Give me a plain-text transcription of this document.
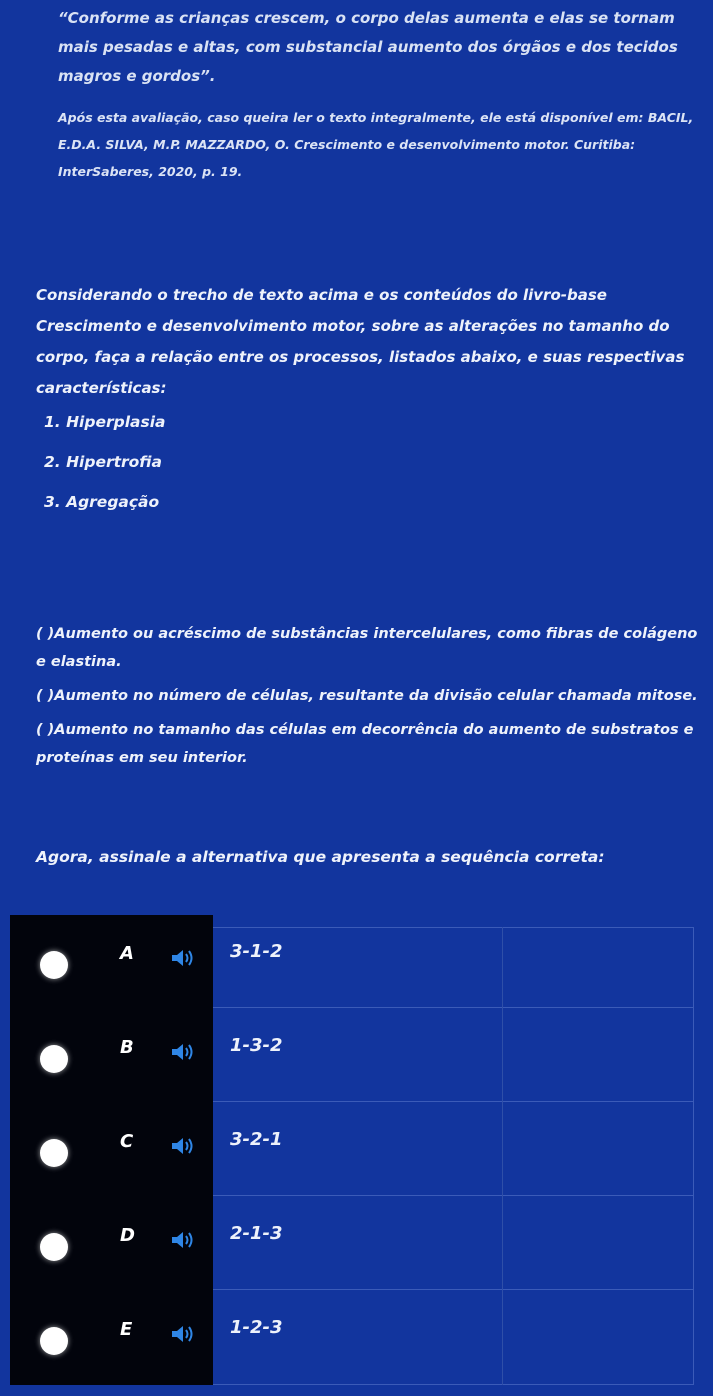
“Conforme as crianças crescem, o corpo delas aumenta e elas se tornam mais pesadas e altas, com substancial aumento dos órgãos e dos tecidos magros e gordos”.
Após esta avaliação, caso queira ler o texto integralmente, ele está disponível em: BACIL, E.D.A. SILVA, M.P. MAZZARDO, O. Crescimento e desenvolvimento motor. Curitiba: InterSaberes, 2020, p. 19.
Considerando o trecho de texto acima e os conteúdos do livro-base Crescimento e desenvolvimento motor, sobre as alterações no tamanho do corpo, faça a relação entre os processos, listados abaixo, e suas respectivas características:
1. Hiperplasia
2. Hipertrofia
3. Agregação
( )Aumento ou acréscimo de substâncias intercelulares, como fibras de colágeno e elastina.
( )Aumento no número de células, resultante da divisão celular chamada mitose.
( )Aumento no tamanho das células em decorrência do aumento de substratos e proteínas em seu interior.
Agora, assinale a alternativa que apresenta a sequência correta:
A	3-1-2
B	1-3-2
C	3-2-1
D	2-1-3
E	1-2-3
